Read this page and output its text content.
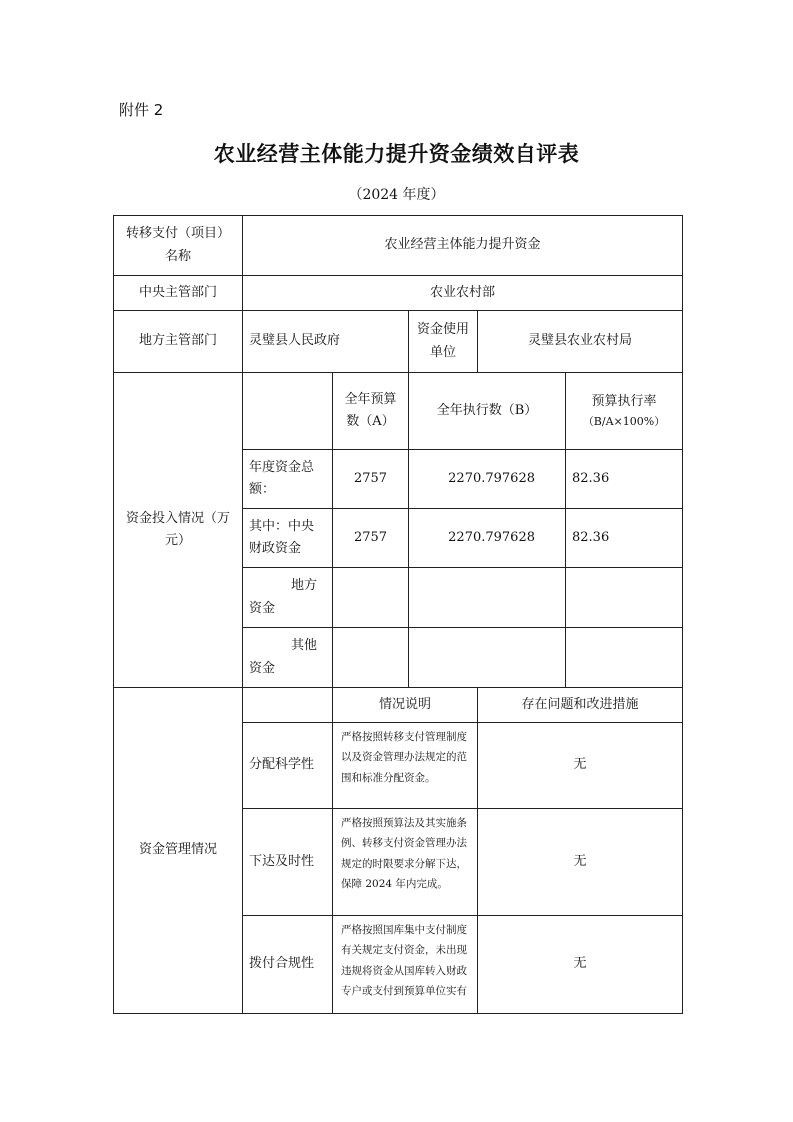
附件 2
农业经营主体能力提升资金绩效自评表
（2024 年度）
转移支付（项目）名称	农业经营主体能力提升资金				
中央主管部门	农业农村部				
地方主管部门	灵璧县人民政府		资金使用单位	灵璧县农业农村局	
资金投入情况（万元）		全年预算数（A）	全年执行数（B）		预算执行率
（B/A×100%）

	年度资金总额：	2757	2270.797628		82.36
	其中：中央财政资金	2757	2270.797628		82.36
	地方资金				
	其他资金				
资金管理情况		情况说明		存在问题和改进措施	
	分配科学性	严格按照转移支付管理制度以及资金管理办法规定的范围和标准分配资金。		无	
	下达及时性	严格按照预算法及其实施条例、转移支付资金管理办法规定的时限要求分解下达，保障 2024 年内完成。		无	
	拨付合规性	严格按照国库集中支付制度有关规定支付资金，未出现违规将资金从国库转入财政专户或支付到预算单位实有		无	
